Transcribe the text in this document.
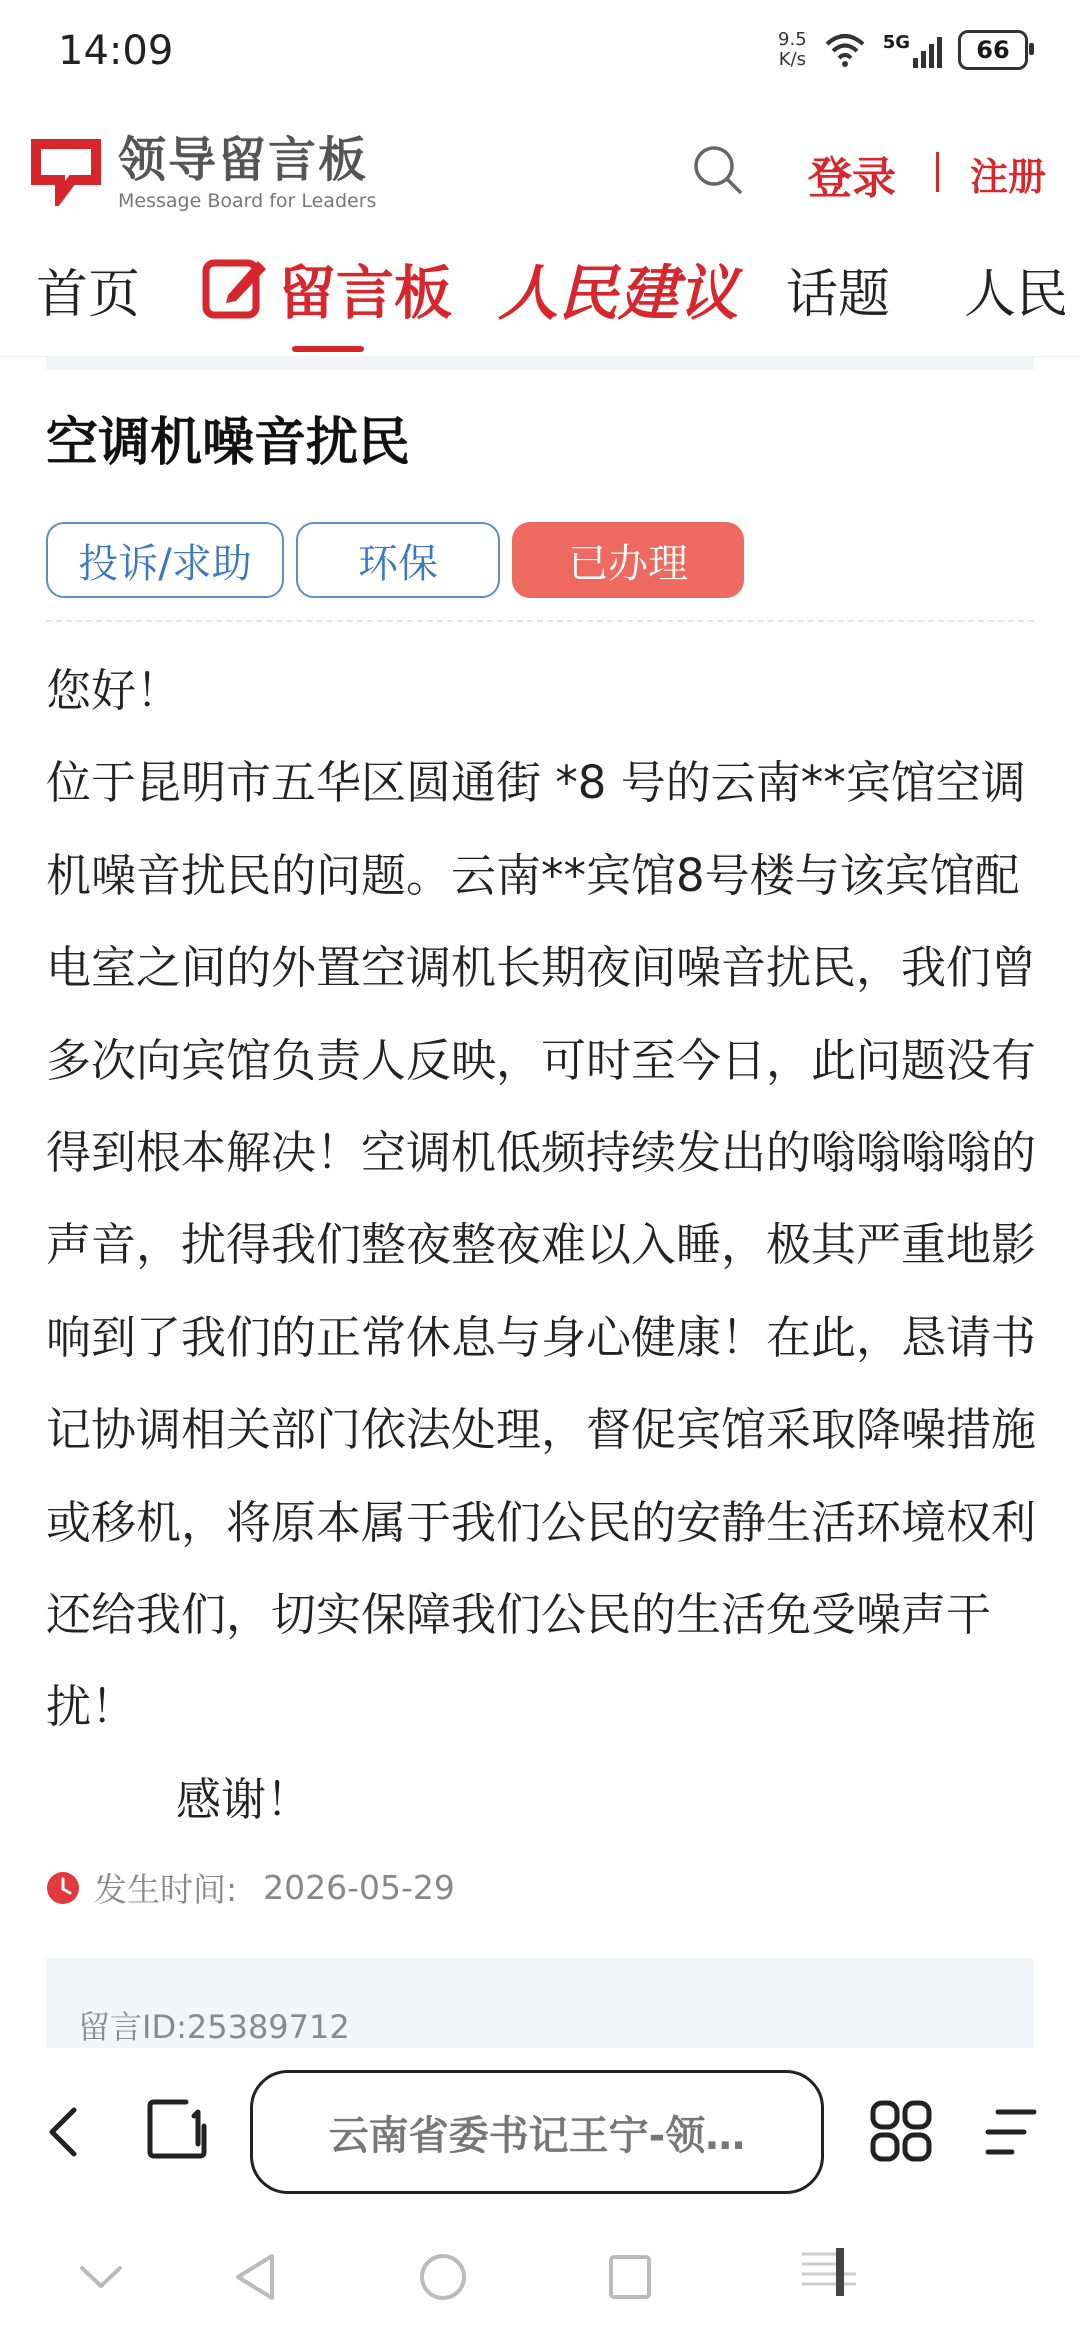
14:09	9.5
K/s
5G	66
领导留言板
Message Board for Leaders	登录 注册
首页 留言板 人民建议 话题 人民
空调机噪音扰民
投诉/求助	环保	已办理

您好！

位于昆明市五华区圆通街 *8 号的云南**宾馆空调机噪音扰民的问题。云南**宾馆8号楼与该宾馆配电室之间的外置空调机长期夜间噪音扰民，我们曾多次向宾馆负责人反映，可时至今日，此问题没有得到根本解决！空调机低频持续发出的嗡嗡嗡嗡的声音，扰得我们整夜整夜难以入睡，极其严重地影响到了我们的正常休息与身心健康！在此，恳请书记协调相关部门依法处理，督促宾馆采取降噪措施或移机，将原本属于我们公民的安静生活环境权利还给我们，切实保障我们公民的生活免受噪声干扰！

感谢！

发生时间: 2026-05-29
留言ID:25389712
云南省委书记王宁-领…
